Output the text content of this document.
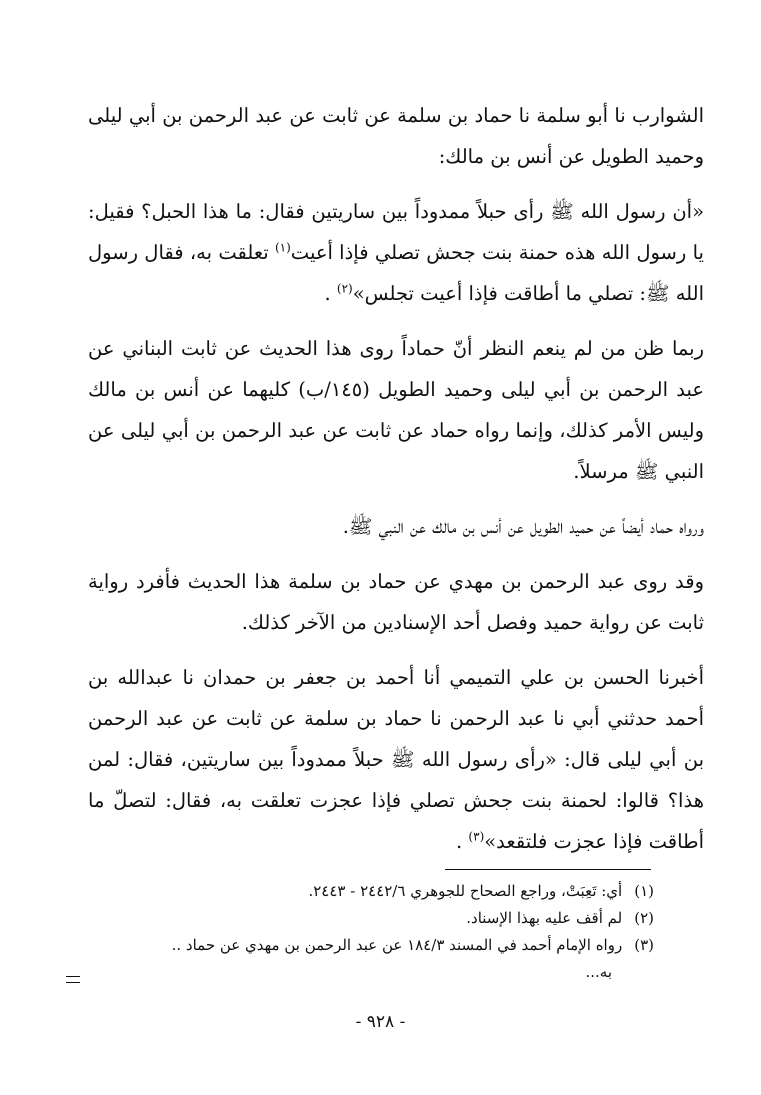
الشوارب نا أبو سلمة نا حماد بن سلمة عن ثابت عن عبد الرحمن بن أبي ليلى وحميد الطويل عن أنس بن مالك:

«أن رسول الله ﷺ رأى حبلاً ممدوداً بين ساريتين فقال: ما هذا الحبل؟ فقيل: يا رسول الله هذه حمنة بنت جحش تصلي فإذا أعيت$^{(١)}$ تعلقت به، فقال رسول الله ﷺ: تصلي ما أطاقت فإذا أعيت تجلس»$^{(٢)}$ .

ربما ظن من لم ينعم النظر أنّ حماداً روى هذا الحديث عن ثابت البناني عن عبد الرحمن بن أبي ليلى وحميد الطويل (١٤٥/ب) كليهما عن أنس بن مالك وليس الأمر كذلك، وإنما رواه حماد عن ثابت عن عبد الرحمن بن أبي ليلى عن النبي ﷺ مرسلاً.

ورواه حماد أيضاً عن حميد الطويل عن أنس بن مالك عن النبي ﷺ.

وقد روى عبد الرحمن بن مهدي عن حماد بن سلمة هذا الحديث فأفرد رواية ثابت عن رواية حميد وفصل أحد الإسنادين من الآخر كذلك.

أخبرنا الحسن بن علي التميمي أنا أحمد بن جعفر بن حمدان نا عبدالله بن أحمد حدثني أبي نا عبد الرحمن نا حماد بن سلمة عن ثابت عن عبد الرحمن بن أبي ليلى قال: «رأى رسول الله ﷺ حبلاً ممدوداً بين ساريتين، فقال: لمن هذا؟ قالوا: لحمنة بنت جحش تصلي فإذا عجزت تعلقت به، فقال: لتصلّ ما أطاقت فإذا عجزت فلتقعد»$^{(٣)}$ .

(١)أي: تَعِبَتْ، وراجع الصحاح للجوهري ٢٤٤٢/٦ - ٢٤٤٣.

(٢)لم أقف عليه بهذا الإسناد.

(٣)رواه الإمام أحمد في المسند ١٨٤/٣ عن عبد الرحمن بن مهدي عن حماد ..

به...

- ٩٢٨ -
